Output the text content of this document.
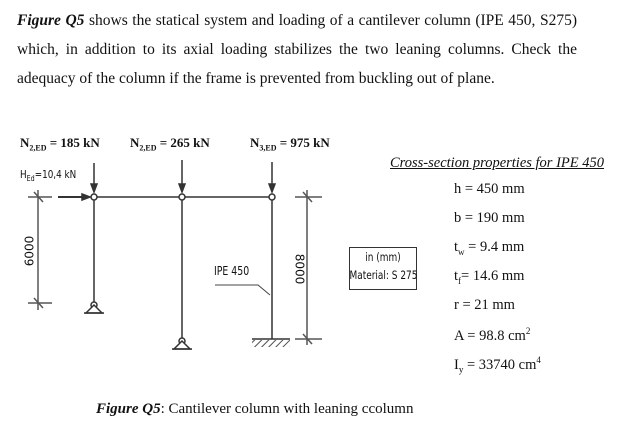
Figure Q5 shows the statical system and loading of a cantilever column (IPE 450, S275) which, in addition to its axial loading stabilizes the two leaning columns. Check the adequacy of the column if the frame is prevented from buckling out of plane.
$N_{2,ED} = 185$ kN $N_{2,ED} = 265$ kN	$N_{3,ED} = 975$ kN
$H_{Ed}=10,4$ kN
IPE 450
6000
8000	in (mm)
Material: S 275
Cross-section properties for IPE 450
h = 450 mm
b = 190 mm
$t_w = 9.4$ mm
$t_f= 14.6$ mm
r = 21 mm
A = 98.8 $cm^2$
$I_y = 33740$ $cm^4$
Figure Q5: Cantilever column with leaning ccolumn
